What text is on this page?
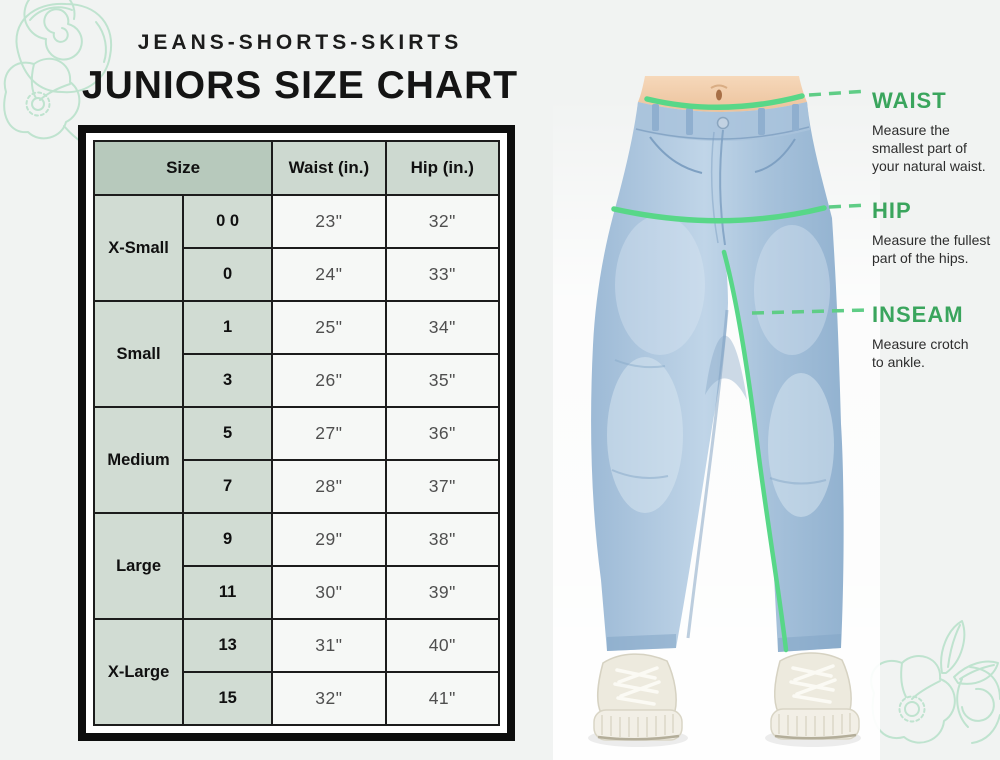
JEANS-SHORTS-SKIRTS
JUNIORS SIZE CHART
Size		Waist (in.)	Hip (in.)
X-Small	0 0	23"	32"
	0	24"	33"
Small	1	25"	34"
	3	26"	35"
Medium	5	27"	36"
	7	28"	37"
Large	9	29"	38"
	11	30"	39"
X-Large	13	31"	40"
	15	32"	41"
WAIST
Measure the smallest part of your natural waist.
HIP
Measure the fullest part of the hips.
INSEAM
Measure crotch to ankle.
